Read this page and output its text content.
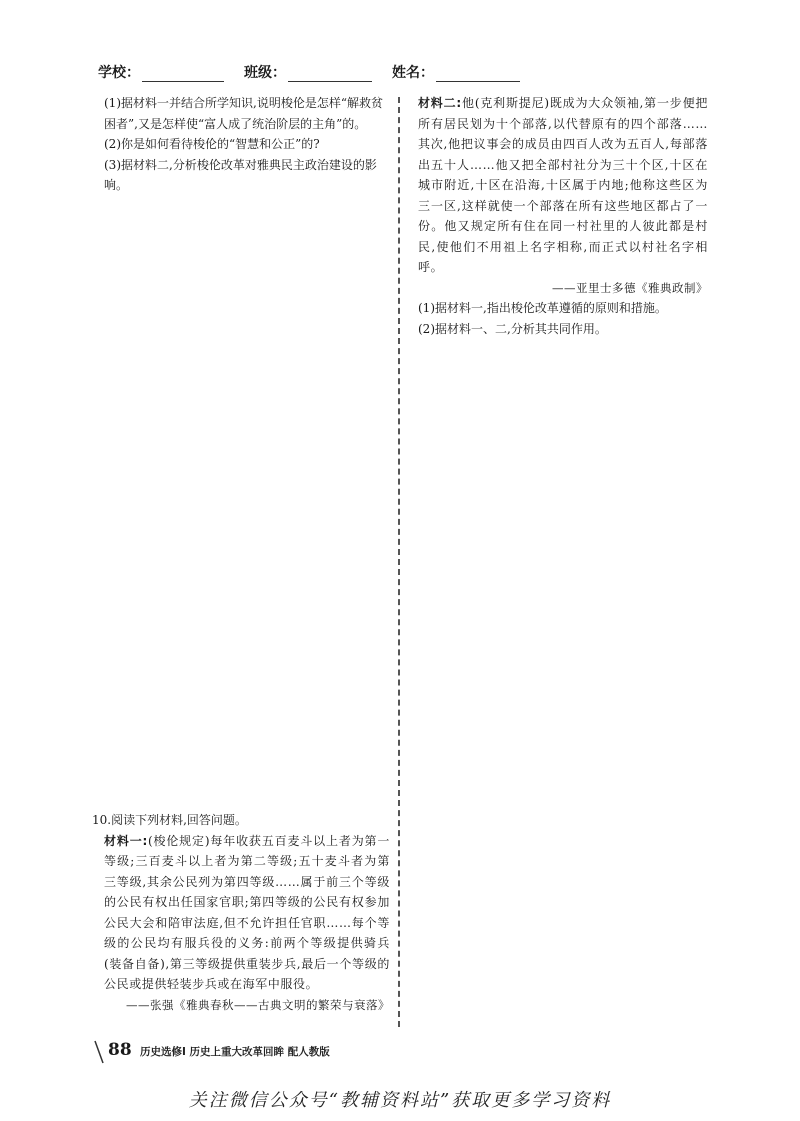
学校：	班级：	姓名：

(1)据材料一并结合所学知识,说明梭伦是怎样“解救贫困者”,又是怎样使“富人成了统治阶层的主角”的。

(2)你是如何看待梭伦的“智慧和公正”的?

(3)据材料二,分析梭伦改革对雅典民主政治建设的影响。

10.阅读下列材料,回答问题。

材料一:(梭伦规定)每年收获五百麦斗以上者为第一等级;三百麦斗以上者为第二等级;五十麦斗者为第三等级,其余公民列为第四等级……属于前三个等级的公民有权出任国家官职;第四等级的公民有权参加公民大会和陪审法庭,但不允许担任官职……每个等级的公民均有服兵役的义务:前两个等级提供骑兵(装备自备),第三等级提供重装步兵,最后一个等级的公民或提供轻装步兵或在海军中服役。

——张强《雅典春秋——古典文明的繁荣与衰落》

材料二:他(克利斯提尼)既成为大众领袖,第一步便把所有居民划为十个部落,以代替原有的四个部落……其次,他把议事会的成员由四百人改为五百人,每部落出五十人……他又把全部村社分为三十个区,十区在城市附近,十区在沿海,十区属于内地;他称这些区为三一区,这样就使一个部落在所有这些地区都占了一份。他又规定所有住在同一村社里的人彼此都是村民,使他们不用祖上名字相称,而正式以村社名字相呼。

——亚里士多德《雅典政制》

(1)据材料一,指出梭伦改革遵循的原则和措施。

(2)据材料一、二,分析其共同作用。

88 历史选修Ⅰ 历史上重大改革回眸 配人教版
关注微信公众号“教辅资料站”获取更多学习资料
